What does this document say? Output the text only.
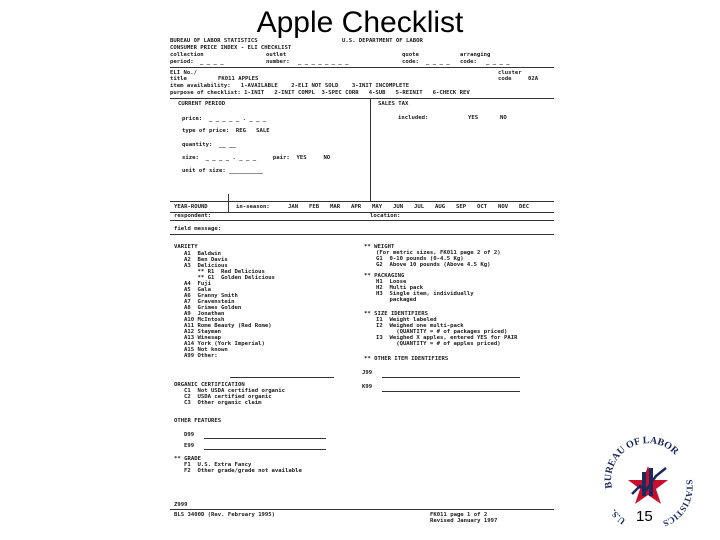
Apple Checklist
BUREAU OF LABOR STATISTICS	U.S. DEPARTMENT OF LABOR
CONSUMER PRICE INDEX - ELI CHECKLIST
collection
period: _ _ _ _
outlet
number: _ _ _ _ _ _ _ _
quote
code: _ _ _ _
arranging
code: _ _ _ _
ELI No./
title	FK011 APPLES
cluster
code	02A
item availability:   1-AVAILABLE    2-ELI NOT SOLD    3-INIT INCOMPLETE
purpose of checklist: 1-INIT   2-INIT COMPL  3-SPEC CORR   4-SUB   5-REINIT   6-CHECK REV
CURRENT PERIOD	SALES TAX
included:	YES	NO
price:  _ _ _ _ _ . _ _ _
type of price:  REG   SALE
quantity:  __ __
size:  _ _ _ _ . _ _ _     pair:  YES     NO
unit of size: __________
YEAR-ROUND	in-season:	JAN FEB MAR APR MAY JUN JUL AUG SEP OCT NOV DEC
respondent:	location:
field message:
VARIETY
A1  Baldwin
A2  Ben Davis
A3  Delicious
** R1  Red Delicious
** G1  Golden Delicious
A4  Fuji
A5  Gala
A6  Granny Smith
A7  Gravenstein
A8  Grimes Golden
A9  Jonathan
A10 McIntosh
A11 Rome Beauty (Red Rome)
A12 Stayman
A13 Winesap
A14 York (York Imperial)
A15 Not known
A99 Other:
** WEIGHT
(For metric sizes, FK011 page 2 of 2)
G1  0-10 pounds (0-4.5 Kg)
G2  Above 10 pounds (Above 4.5 Kg)
** PACKAGING
H1  Loose
H2  Multi pack
H3  Single item, individually
packaged
** SIZE IDENTIFIERS
I1  Weight labeled
I2  Weighed one multi-pack
(QUANTITY = # of packages priced)
I3  Weighed X apples, entered YES for PAIR
(QUANTITY = # of apples priced)
** OTHER ITEM IDENTIFIERS
J99
K99
ORGANIC CERTIFICATION
C1  Not USDA certified organic
C2  USDA certified organic
C3  Other organic claim
OTHER FEATURES
D99
E99
** GRADE
F1  U.S. Extra Fancy
F2  Other grade/grade not available
Z999
BLS 3400D (Rev. February 1995)	FK011 page 1 of 2
Revised January 1997
BUREAU OF LABOR
STATISTICS
U.S.	15
